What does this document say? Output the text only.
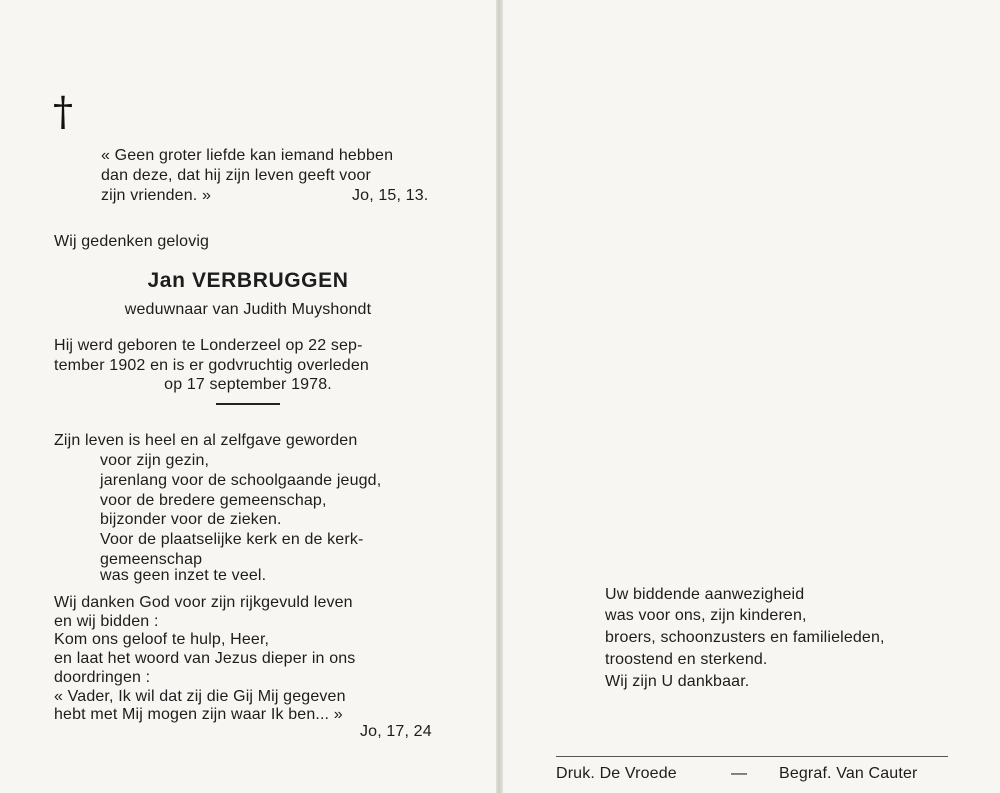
†
« Geen groter liefde kan iemand hebben
dan deze, dat hij zijn leven geeft voor
zijn vrienden. »	Jo, 15, 13.
Wij gedenken gelovig
Jan VERBRUGGEN
weduwnaar van Judith Muyshondt
Hij werd geboren te Londerzeel op 22 sep-
tember 1902 en is er godvruchtig overleden
op 17 september 1978.
Zijn leven is heel en al zelfgave geworden
voor zijn gezin,
jarenlang voor de schoolgaande jeugd,
voor de bredere gemeenschap,
bijzonder voor de zieken.
Voor de plaatselijke kerk en de kerk-
gemeenschap
was geen inzet te veel.
Wij danken God voor zijn rijkgevuld leven
en wij bidden :
Kom ons geloof te hulp, Heer,
en laat het woord van Jezus dieper in ons
doordringen :
« Vader, Ik wil dat zij die Gij Mij gegeven
hebt met Mij mogen zijn waar Ik ben... »
Jo, 17, 24
Uw biddende aanwezigheid
was voor ons, zijn kinderen,
broers, schoonzusters en familieleden,
troostend en sterkend.
Wij zijn U dankbaar.
Druk. De Vroede	— Begraf. Van Cauter
